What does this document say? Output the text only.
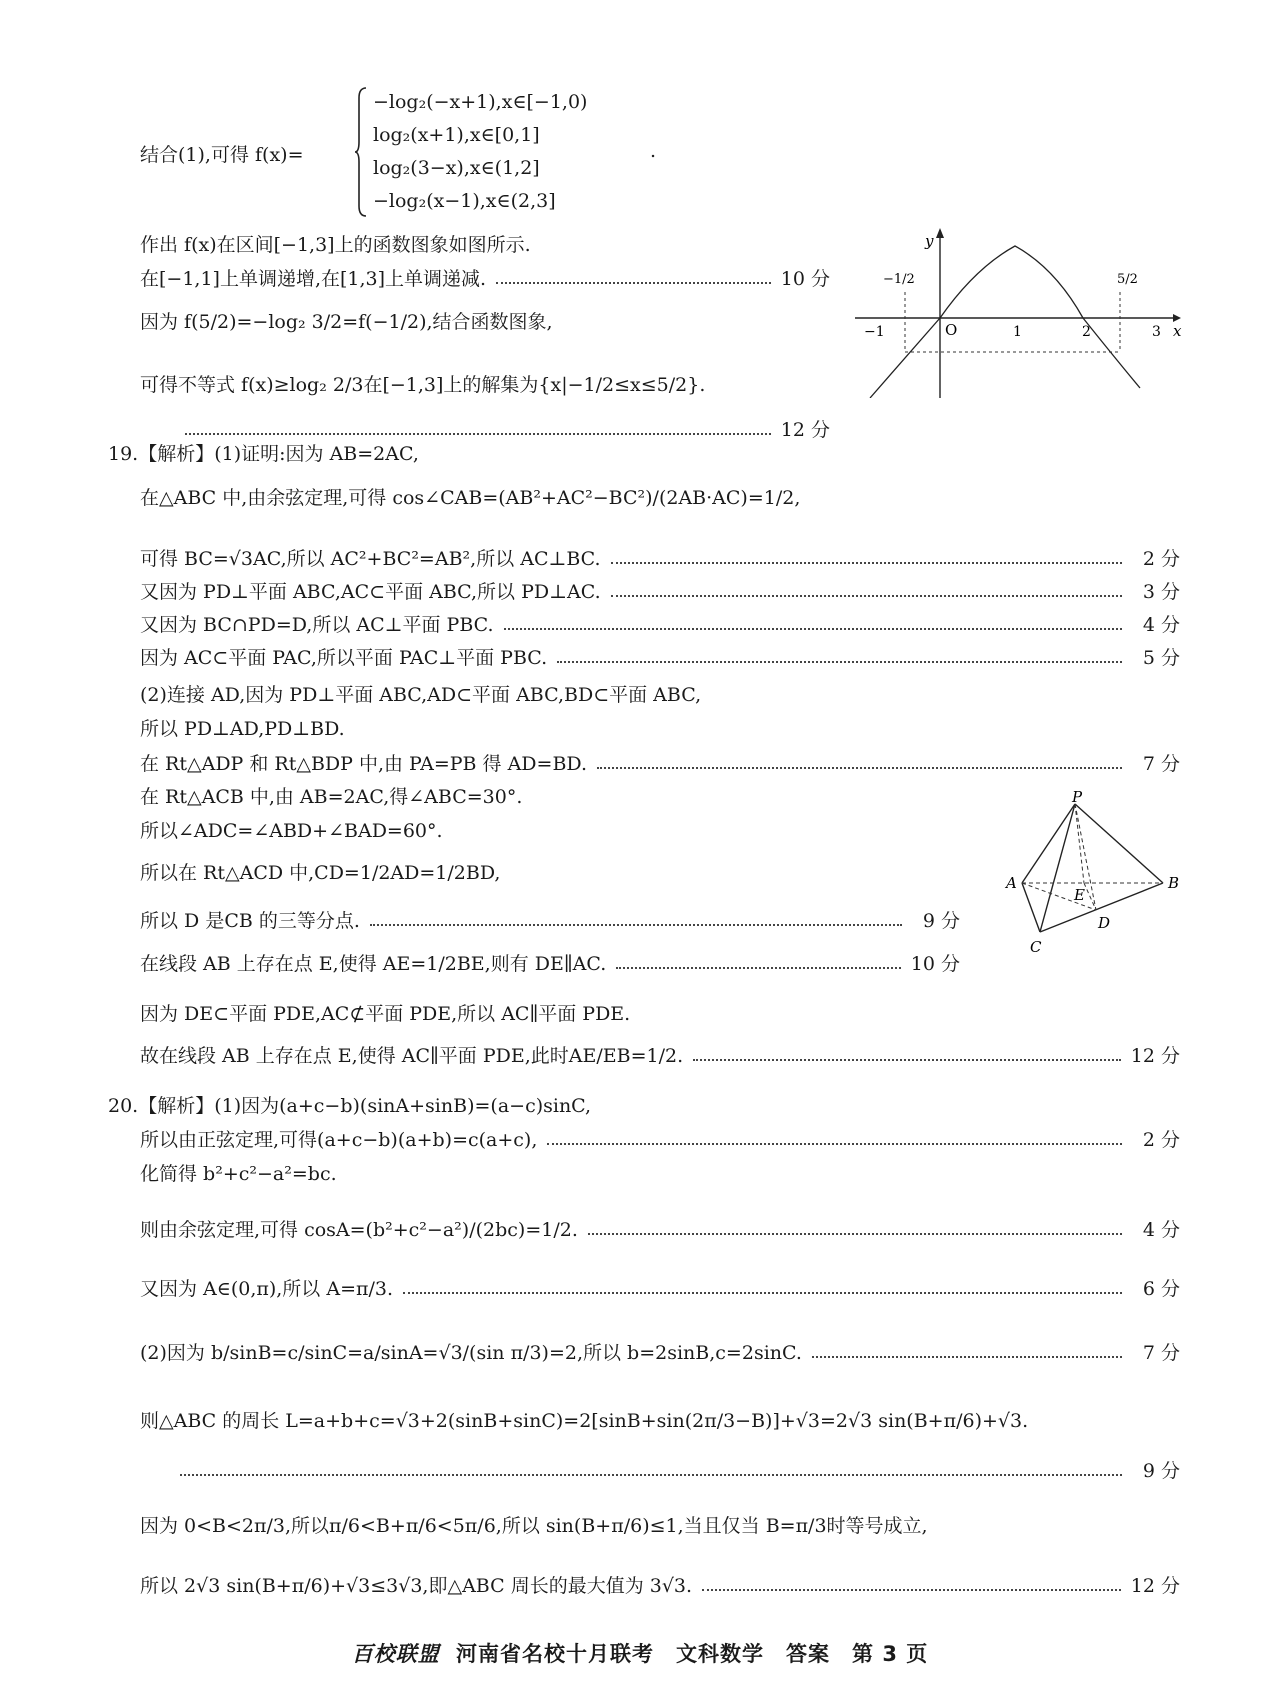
结合(1),可得 f(x)=
−log₂(−x+1),x∈[−1,0)
log₂(x+1),x∈[0,1]
log₂(3−x),x∈(1,2]
−log₂(x−1),x∈(2,3]
.
作出 f(x)在区间[−1,3]上的函数图象如图所示.
在[−1,1]上单调递增,在[1,3]上单调递减.	10 分
因为 f(5/2)=−log₂ 3/2=f(−1/2),结合函数图象,
可得不等式 f(x)≥log₂ 2/3在[−1,3]上的解集为{x|−1/2≤x≤5/2}.
12 分
y
x
O
−1	1	2	3
−1/2	5/2
19.【解析】(1)证明:因为 AB=2AC,
在△ABC 中,由余弦定理,可得 cos∠CAB=(AB²+AC²−BC²)/(2AB·AC)=1/2,
可得 BC=√3AC,所以 AC²+BC²=AB²,所以 AC⊥BC.	2 分
又因为 PD⊥平面 ABC,AC⊂平面 ABC,所以 PD⊥AC.	3 分
又因为 BC∩PD=D,所以 AC⊥平面 PBC.	4 分
因为 AC⊂平面 PAC,所以平面 PAC⊥平面 PBC.	5 分
(2)连接 AD,因为 PD⊥平面 ABC,AD⊂平面 ABC,BD⊂平面 ABC,
所以 PD⊥AD,PD⊥BD.
在 Rt△ADP 和 Rt△BDP 中,由 PA=PB 得 AD=BD.	7 分
在 Rt△ACB 中,由 AB=2AC,得∠ABC=30°.
所以∠ADC=∠ABD+∠BAD=60°.
所以在 Rt△ACD 中,CD=1/2AD=1/2BD,
所以 D 是CB 的三等分点.	9 分
在线段 AB 上存在点 E,使得 AE=1/2BE,则有 DE∥AC.	10 分
因为 DE⊂平面 PDE,AC⊄平面 PDE,所以 AC∥平面 PDE.
故在线段 AB 上存在点 E,使得 AC∥平面 PDE,此时AE/EB=1/2.	12 分
P
A	B
C
D
E
20.【解析】(1)因为(a+c−b)(sinA+sinB)=(a−c)sinC,
所以由正弦定理,可得(a+c−b)(a+b)=c(a+c),	2 分
化简得 b²+c²−a²=bc.
则由余弦定理,可得 cosA=(b²+c²−a²)/(2bc)=1/2.	4 分
又因为 A∈(0,π),所以 A=π/3.	6 分
(2)因为 b/sinB=c/sinC=a/sinA=√3/(sin π/3)=2,所以 b=2sinB,c=2sinC.	7 分
则△ABC 的周长 L=a+b+c=√3+2(sinB+sinC)=2[sinB+sin(2π/3−B)]+√3=2√3 sin(B+π/6)+√3.
9 分
因为 0<B<2π/3,所以π/6<B+π/6<5π/6,所以 sin(B+π/6)≤1,当且仅当 B=π/3时等号成立,
所以 2√3 sin(B+π/6)+√3≤3√3,即△ABC 周长的最大值为 3√3.	12 分
百校联盟 河南省名校十月联考　文科数学　答案　第 3 页
